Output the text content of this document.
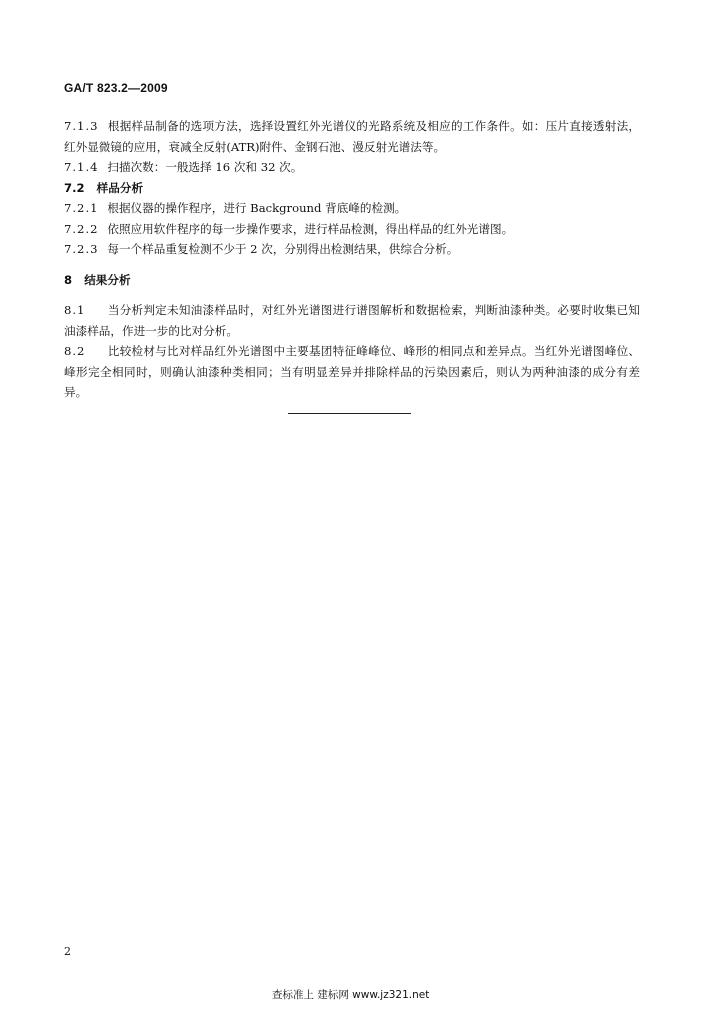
GA/T 823.2—2009

7.1.3 根据样品制备的选项方法，选择设置红外光谱仪的光路系统及相应的工作条件。如：压片直接透射法，红外显微镜的应用，衰减全反射(ATR)附件、金钢石池、漫反射光谱法等。

7.1.4 扫描次数：一般选择 16 次和 32 次。

7.2 样品分析

7.2.1 根据仪器的操作程序，进行 Background 背底峰的检测。

7.2.2 依照应用软件程序的每一步操作要求，进行样品检测，得出样品的红外光谱图。

7.2.3 每一个样品重复检测不少于 2 次，分别得出检测结果，供综合分析。

8 结果分析

8.1 当分析判定未知油漆样品时，对红外光谱图进行谱图解析和数据检索，判断油漆种类。必要时收集已知油漆样品，作进一步的比对分析。

8.2 比较检材与比对样品红外光谱图中主要基团特征峰峰位、峰形的相同点和差异点。当红外光谱图峰位、峰形完全相同时，则确认油漆种类相同；当有明显差异并排除样品的污染因素后，则认为两种油漆的成分有差异。

2
查标准上 建标网 www.jz321.net
